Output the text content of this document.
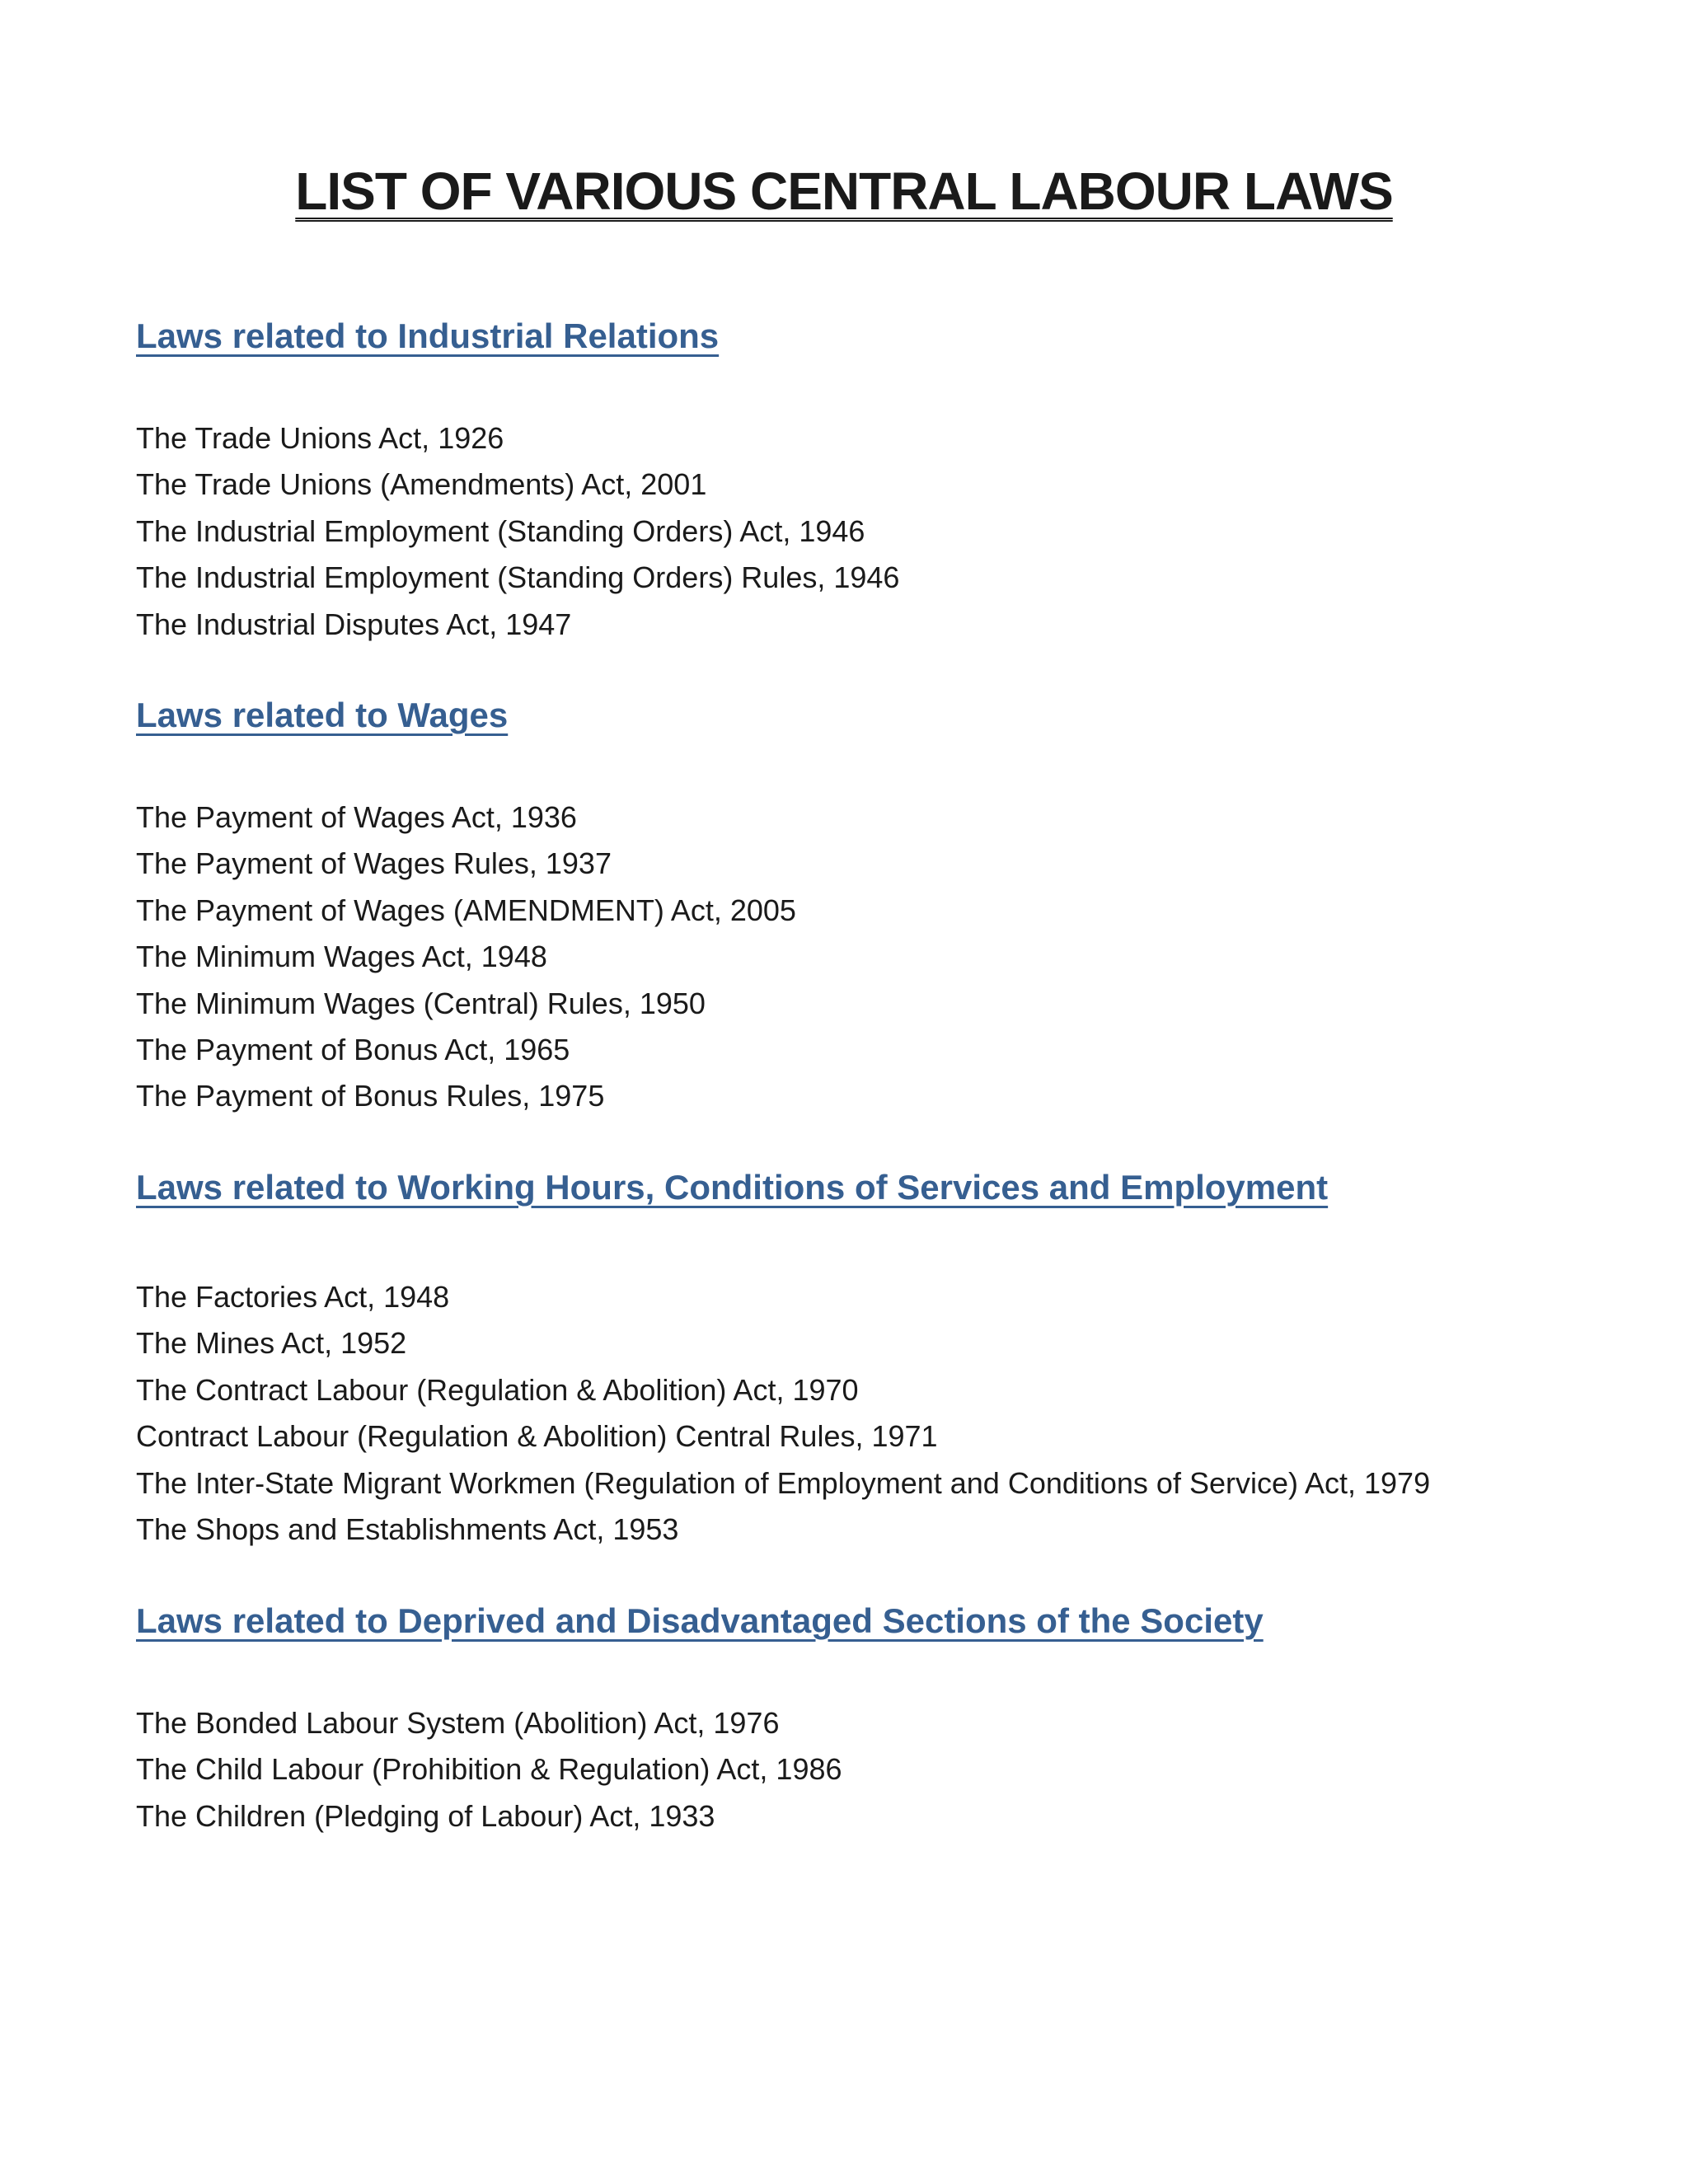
LIST OF VARIOUS CENTRAL LABOUR LAWS
Laws related to Industrial Relations
The Trade Unions Act, 1926
The Trade Unions (Amendments) Act, 2001
The Industrial Employment (Standing Orders) Act, 1946
The Industrial Employment (Standing Orders) Rules, 1946
The Industrial Disputes Act, 1947
Laws related to Wages
The Payment of Wages Act, 1936
The Payment of Wages Rules, 1937
The Payment of Wages (AMENDMENT) Act, 2005
The Minimum Wages Act, 1948
The Minimum Wages (Central) Rules, 1950
The Payment of Bonus Act, 1965
The Payment of Bonus Rules, 1975
Laws related to Working Hours, Conditions of Services and Employment
The Factories Act, 1948
The Mines Act, 1952
The Contract Labour (Regulation & Abolition) Act, 1970
Contract Labour (Regulation & Abolition) Central Rules, 1971
The Inter-State Migrant Workmen (Regulation of Employment and Conditions of Service) Act, 1979
The Shops and Establishments Act, 1953
Laws related to Deprived and Disadvantaged Sections of the Society
The Bonded Labour System (Abolition) Act, 1976
The Child Labour (Prohibition & Regulation) Act, 1986
The Children (Pledging of Labour) Act, 1933
